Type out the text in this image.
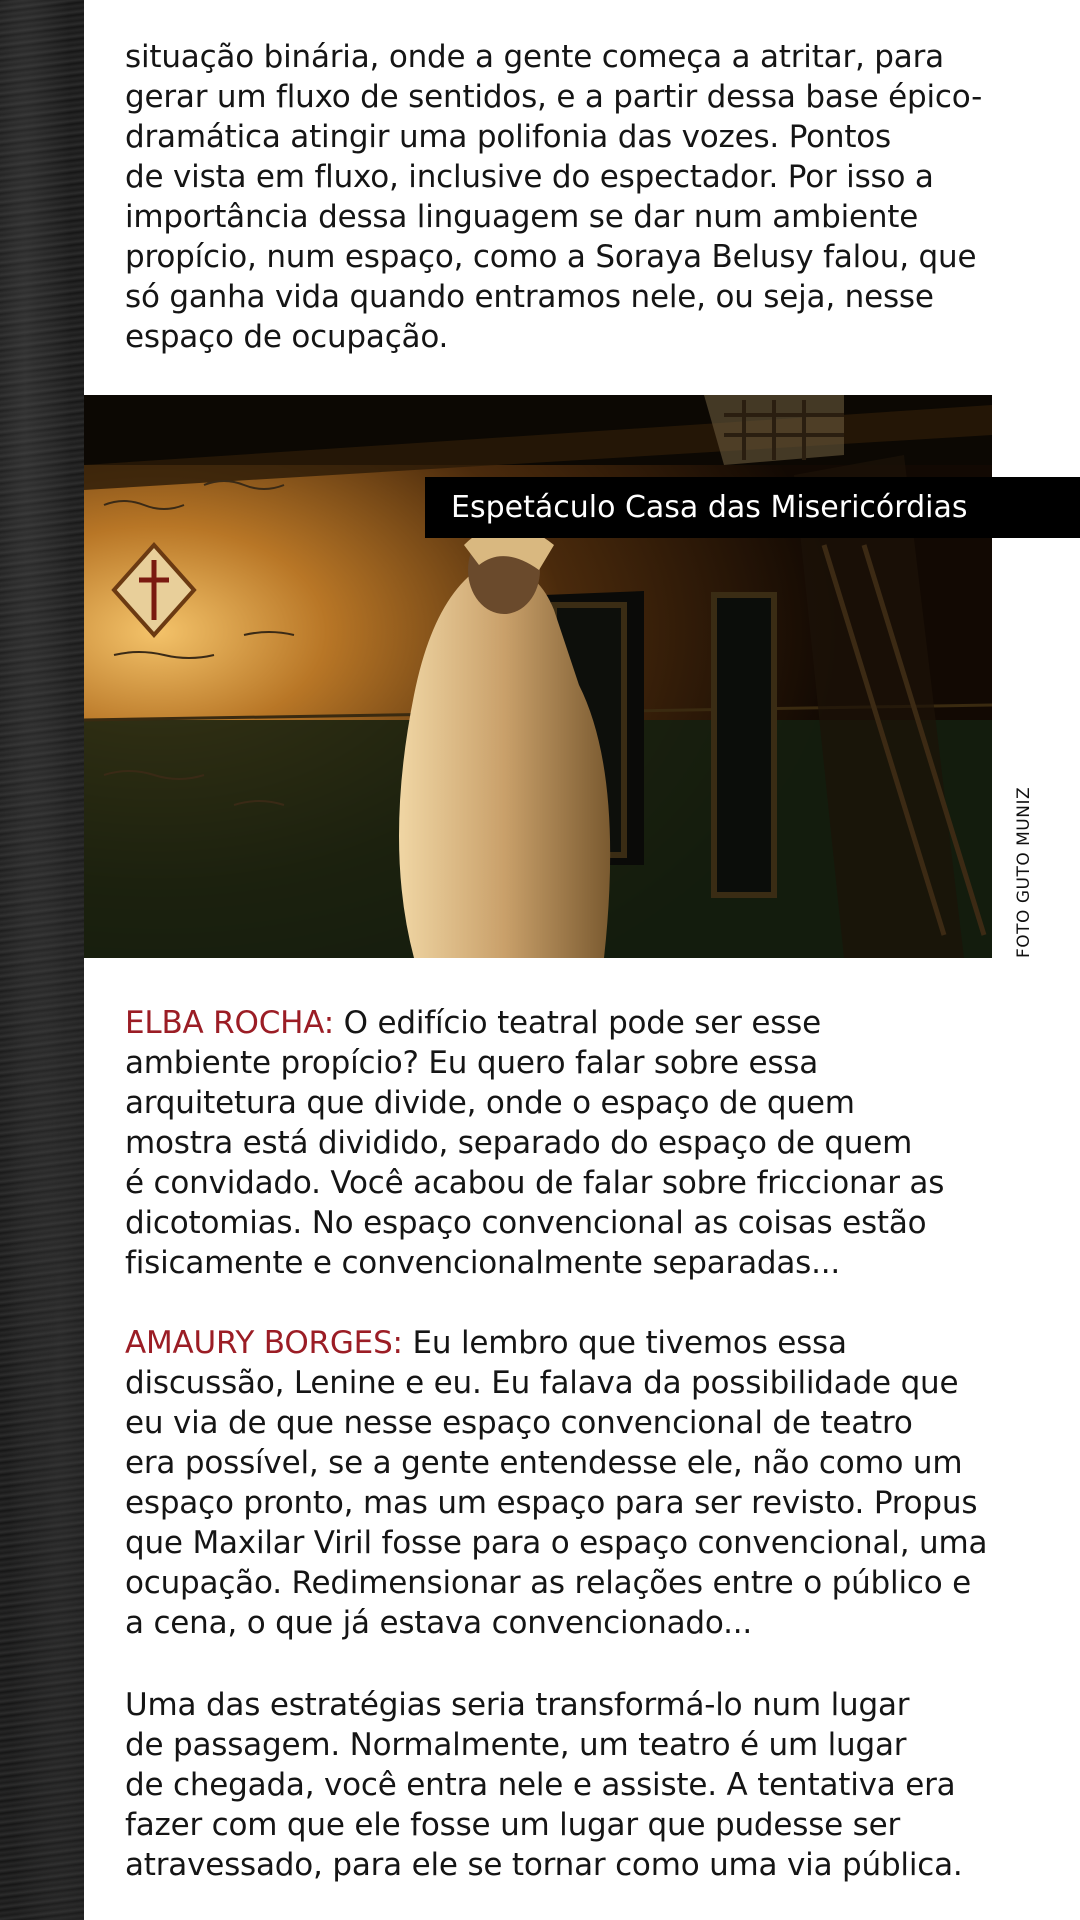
situação binária, onde a gente começa a atritar, para
gerar um fluxo de sentidos, e a partir dessa base épico-
dramática atingir uma polifonia das vozes. Pontos
de vista em fluxo, inclusive do espectador. Por isso a
importância dessa linguagem se dar num ambiente
propício, num espaço, como a Soraya Belusy falou, que
só ganha vida quando entramos nele, ou seja, nesse
espaço de ocupação.

Espetáculo Casa das Misericórdias
FOTO GUTO MUNIZ

ELBA ROCHA: O edifício teatral pode ser esse
ambiente propício? Eu quero falar sobre essa
arquitetura que divide, onde o espaço de quem
mostra está dividido, separado do espaço de quem
é convidado. Você acabou de falar sobre friccionar as
dicotomias. No espaço convencional as coisas estão
fisicamente e convencionalmente separadas...

AMAURY BORGES: Eu lembro que tivemos essa
discussão, Lenine e eu. Eu falava da possibilidade que
eu via de que nesse espaço convencional de teatro
era possível, se a gente entendesse ele, não como um
espaço pronto, mas um espaço para ser revisto. Propus
que Maxilar Viril fosse para o espaço convencional, uma
ocupação. Redimensionar as relações entre o público e
a cena, o que já estava convencionado...

Uma das estratégias seria transformá-lo num lugar
de passagem. Normalmente, um teatro é um lugar
de chegada, você entra nele e assiste. A tentativa era
fazer com que ele fosse um lugar que pudesse ser
atravessado, para ele se tornar como uma via pública.
